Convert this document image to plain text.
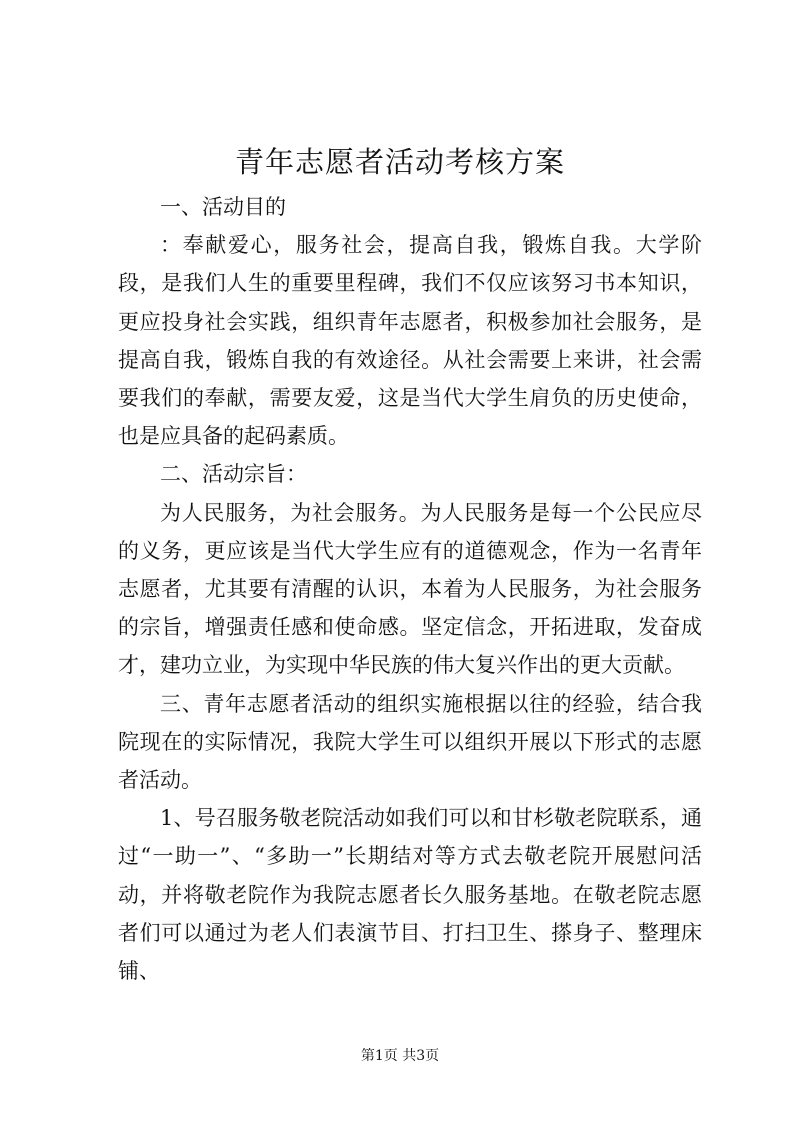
青年志愿者活动考核方案

一、活动目的

：奉献爱心，服务社会，提高自我，锻炼自我。大学阶段，是我们人生的重要里程碑，我们不仅应该努习书本知识，更应投身社会实践，组织青年志愿者，积极参加社会服务，是提高自我，锻炼自我的有效途径。从社会需要上来讲，社会需要我们的奉献，需要友爱，这是当代大学生肩负的历史使命，也是应具备的起码素质。

二、活动宗旨：

为人民服务，为社会服务。为人民服务是每一个公民应尽的义务，更应该是当代大学生应有的道德观念，作为一名青年志愿者，尤其要有清醒的认识，本着为人民服务，为社会服务的宗旨，增强责任感和使命感。坚定信念，开拓进取，发奋成才，建功立业，为实现中华民族的伟大复兴作出的更大贡献。

三、青年志愿者活动的组织实施根据以往的经验，结合我院现在的实际情况，我院大学生可以组织开展以下形式的志愿者活动。

1、号召服务敬老院活动如我们可以和甘杉敬老院联系，通过“一助一”、“多助一”长期结对等方式去敬老院开展慰问活动，并将敬老院作为我院志愿者长久服务基地。在敬老院志愿者们可以通过为老人们表演节目、打扫卫生、搽身子、整理床铺、

第1页 共3页
